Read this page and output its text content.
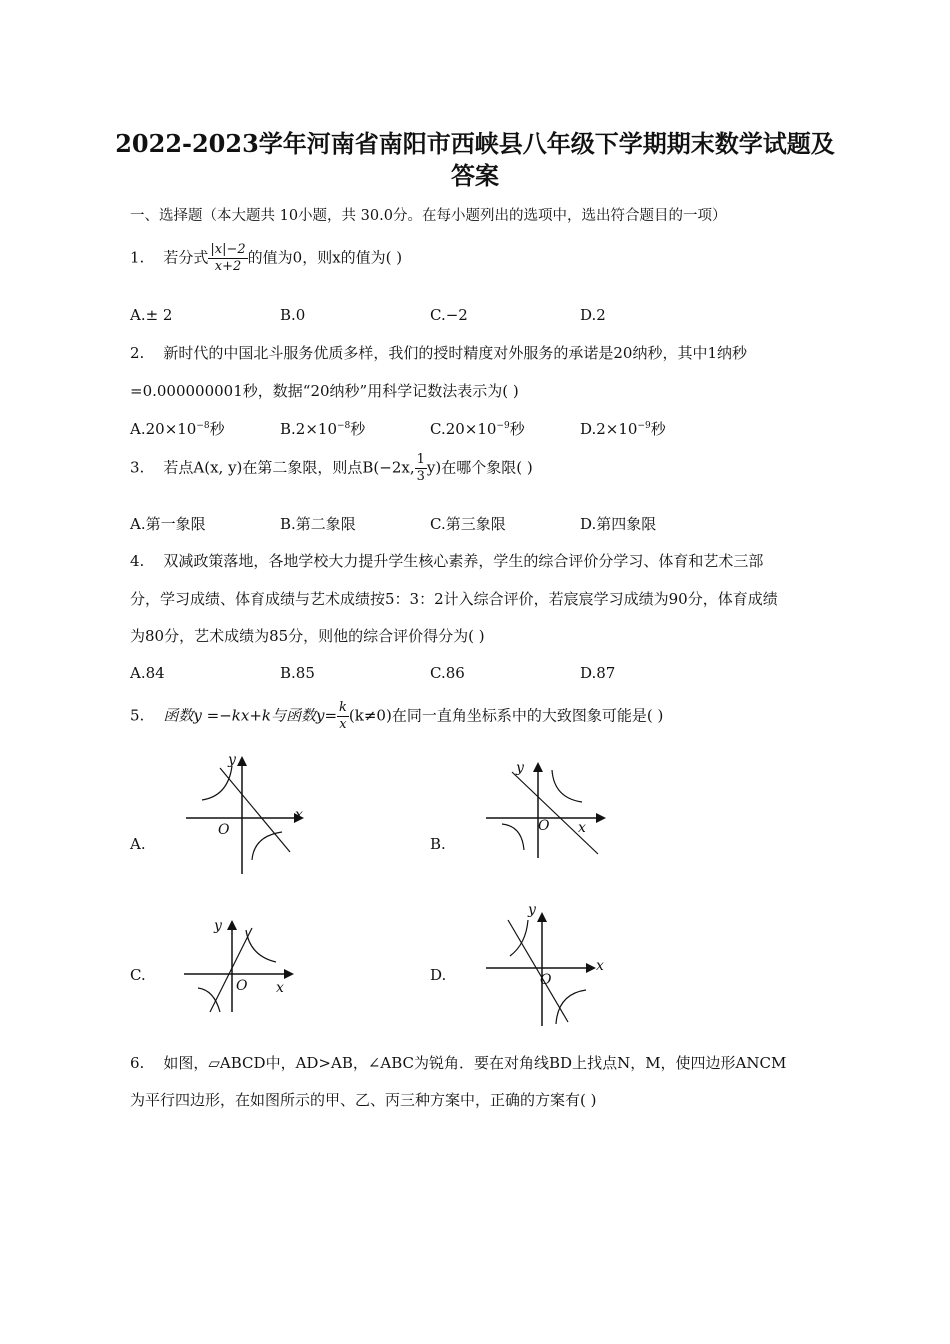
2022-2023学年河南省南阳市西峡县八年级下学期期末数学试题及
答案
一、选择题（本大题共 10小题，共 30.0分。在每小题列出的选项中，选出符合题目的一项）
1. 若分式 $\frac{|x|-2}{x+2}$ 的值为0，则x的值为( )
A.± 2	B.0	C.−2	D.2
2. 新时代的中国北斗服务优质多样，我们的授时精度对外服务的承诺是20纳秒，其中1纳秒
=0.000000001秒，数据“20纳秒”用科学记数法表示为( )
$A.20\times 10^{-8}$秒	$B.2\times 10^{-8}$秒	$C.20\times 10^{-9}$秒	$D.2\times 10^{-9}$秒
3. 若点A(x, y)在第二象限，则点B(−2x, $\frac{1}{3} y$)在哪个象限( )
A.第一象限	B.第二象限	C.第三象限	D.第四象限
4. 双减政策落地，各地学校大力提升学生核心素养，学生的综合评价分学习、体育和艺术三部
分，学习成绩、体育成绩与艺术成绩按5：3：2计入综合评价，若宸宸学习成绩为90分，体育成绩
为80分，艺术成绩为85分，则他的综合评价得分为( )
A.84	B.85	C.86	D.87
5. 函数y =−kx+k与函数$y= \frac{k}{x} (k\ne 0)$在同一直角坐标系中的大致图象可能是( )
A.	B.
C.	D.
y
x
O
y
x
O
y
x
O
y
x
O
6. 如图，▱ABCD中，AD>AB，∠ABC为锐角．要在对角线BD上找点N，M，使四边形ANCM
为平行四边形，在如图所示的甲、乙、丙三种方案中，正确的方案有( )
